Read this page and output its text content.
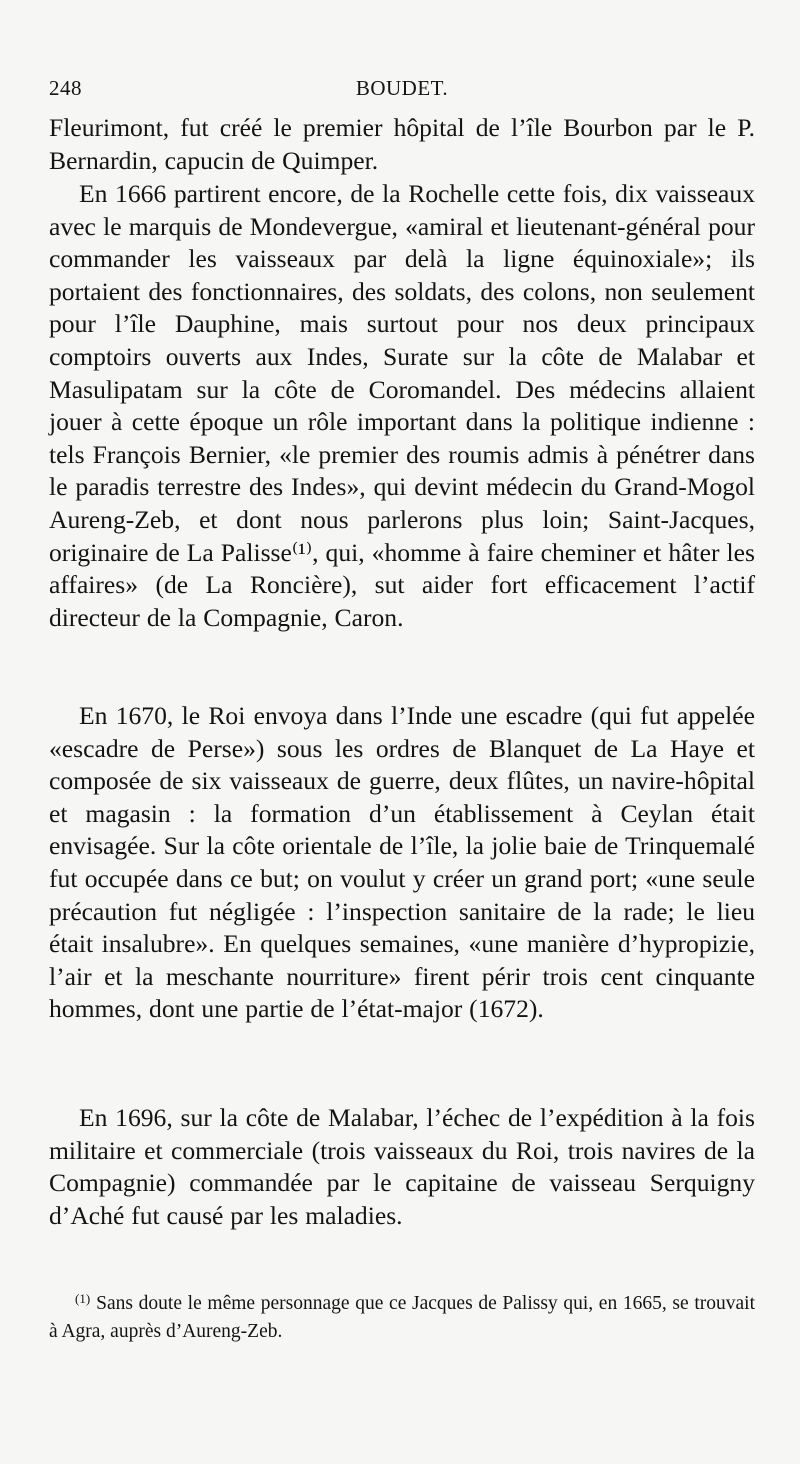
248	BOUDET.

Fleurimont, fut créé le premier hôpital de l’île Bourbon par le P. Bernardin, capucin de Quimper.

En 1666 partirent encore, de la Rochelle cette fois, dix vaisseaux avec le marquis de Mondevergue, «amiral et lieutenant-général pour commander les vaisseaux par delà la ligne équinoxiale»; ils portaient des fonctionnaires, des soldats, des colons, non seulement pour l’île Dauphine, mais surtout pour nos deux principaux comptoirs ouverts aux Indes, Surate sur la côte de Malabar et Masulipatam sur la côte de Coromandel. Des médecins allaient jouer à cette époque un rôle important dans la politique indienne : tels François Bernier, «le premier des roumis admis à pénétrer dans le paradis terrestre des Indes», qui devint médecin du Grand-Mogol Aureng-Zeb, et dont nous parlerons plus loin; Saint-Jacques, originaire de La Palisse⁽¹⁾, qui, «homme à faire cheminer et hâter les affaires» (de La Roncière), sut aider fort efficacement l’actif directeur de la Compagnie, Caron.

En 1670, le Roi envoya dans l’Inde une escadre (qui fut appelée «escadre de Perse») sous les ordres de Blanquet de La Haye et composée de six vaisseaux de guerre, deux flûtes, un navire-hôpital et magasin : la formation d’un établissement à Ceylan était envisagée. Sur la côte orientale de l’île, la jolie baie de Trinquemalé fut occupée dans ce but; on voulut y créer un grand port; «une seule précaution fut négligée : l’inspection sanitaire de la rade; le lieu était insalubre». En quelques semaines, «une manière d’hypropizie, l’air et la meschante nourriture» firent périr trois cent cinquante hommes, dont une partie de l’état-major (1672).

En 1696, sur la côte de Malabar, l’échec de l’expédition à la fois militaire et commerciale (trois vaisseaux du Roi, trois navires de la Compagnie) commandée par le capitaine de vaisseau Serquigny d’Aché fut causé par les maladies.

$^{(1)}$ Sans doute le même personnage que ce Jacques de Palissy qui, en 1665, se trouvait à Agra, auprès d’Aureng-Zeb.
